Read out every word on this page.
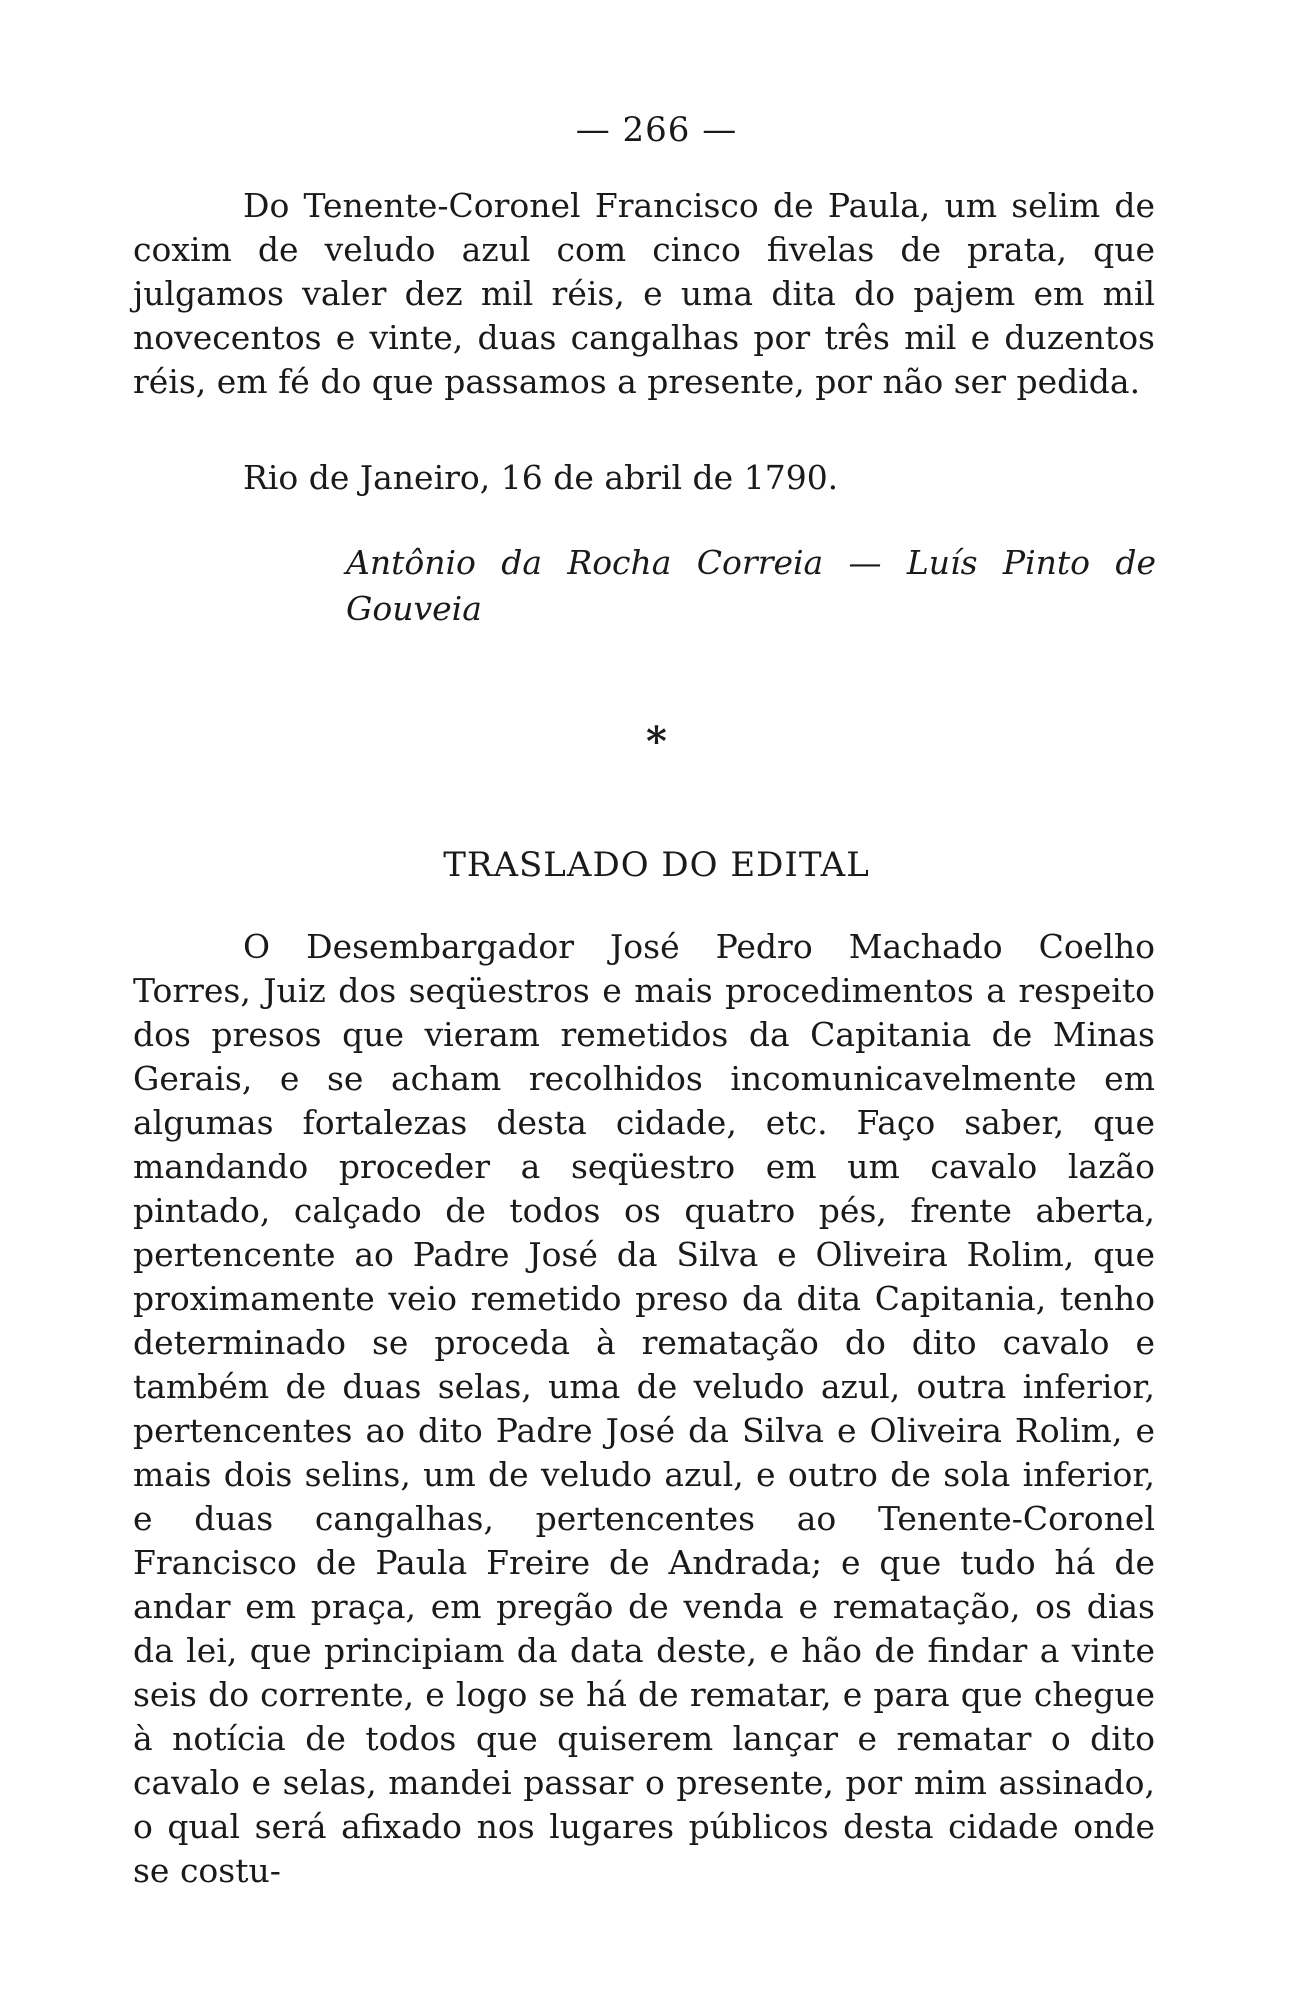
— 266 —

Do Tenente-Coronel Francisco de Paula, um selim de coxim de veludo azul com cinco fivelas de prata, que julgamos valer dez mil réis, e uma dita do pajem em mil novecentos e vinte, duas cangalhas por três mil e duzentos réis, em fé do que passamos a presente, por não ser pedida.

Rio de Janeiro, 16 de abril de 1790.
Antônio da Rocha Correia — Luís Pinto de Gouveia
*
TRASLADO DO EDITAL

O Desembargador José Pedro Machado Coelho Torres, Juiz dos seqüestros e mais procedimentos a respeito dos presos que vieram remetidos da Capitania de Minas Gerais, e se acham recolhidos incomunicavelmente em algumas fortalezas desta cidade, etc. Faço saber, que mandando proceder a seqüestro em um cavalo lazão pintado, calçado de todos os quatro pés, frente aberta, pertencente ao Padre José da Silva e Oliveira Rolim, que proximamente veio remetido preso da dita Capitania, tenho determinado se proceda à rematação do dito cavalo e também de duas selas, uma de veludo azul, outra inferior, pertencentes ao dito Padre José da Silva e Oliveira Rolim, e mais dois selins, um de veludo azul, e outro de sola inferior, e duas cangalhas, pertencentes ao Tenente-Coronel Francisco de Paula Freire de Andrada; e que tudo há de andar em praça, em pregão de venda e rematação, os dias da lei, que principiam da data deste, e hão de findar a vinte seis do corrente, e logo se há de rematar, e para que chegue à notícia de todos que quiserem lançar e rematar o dito cavalo e selas, mandei passar o presente, por mim assinado, o qual será afixado nos lugares públicos desta cidade onde se costu-
